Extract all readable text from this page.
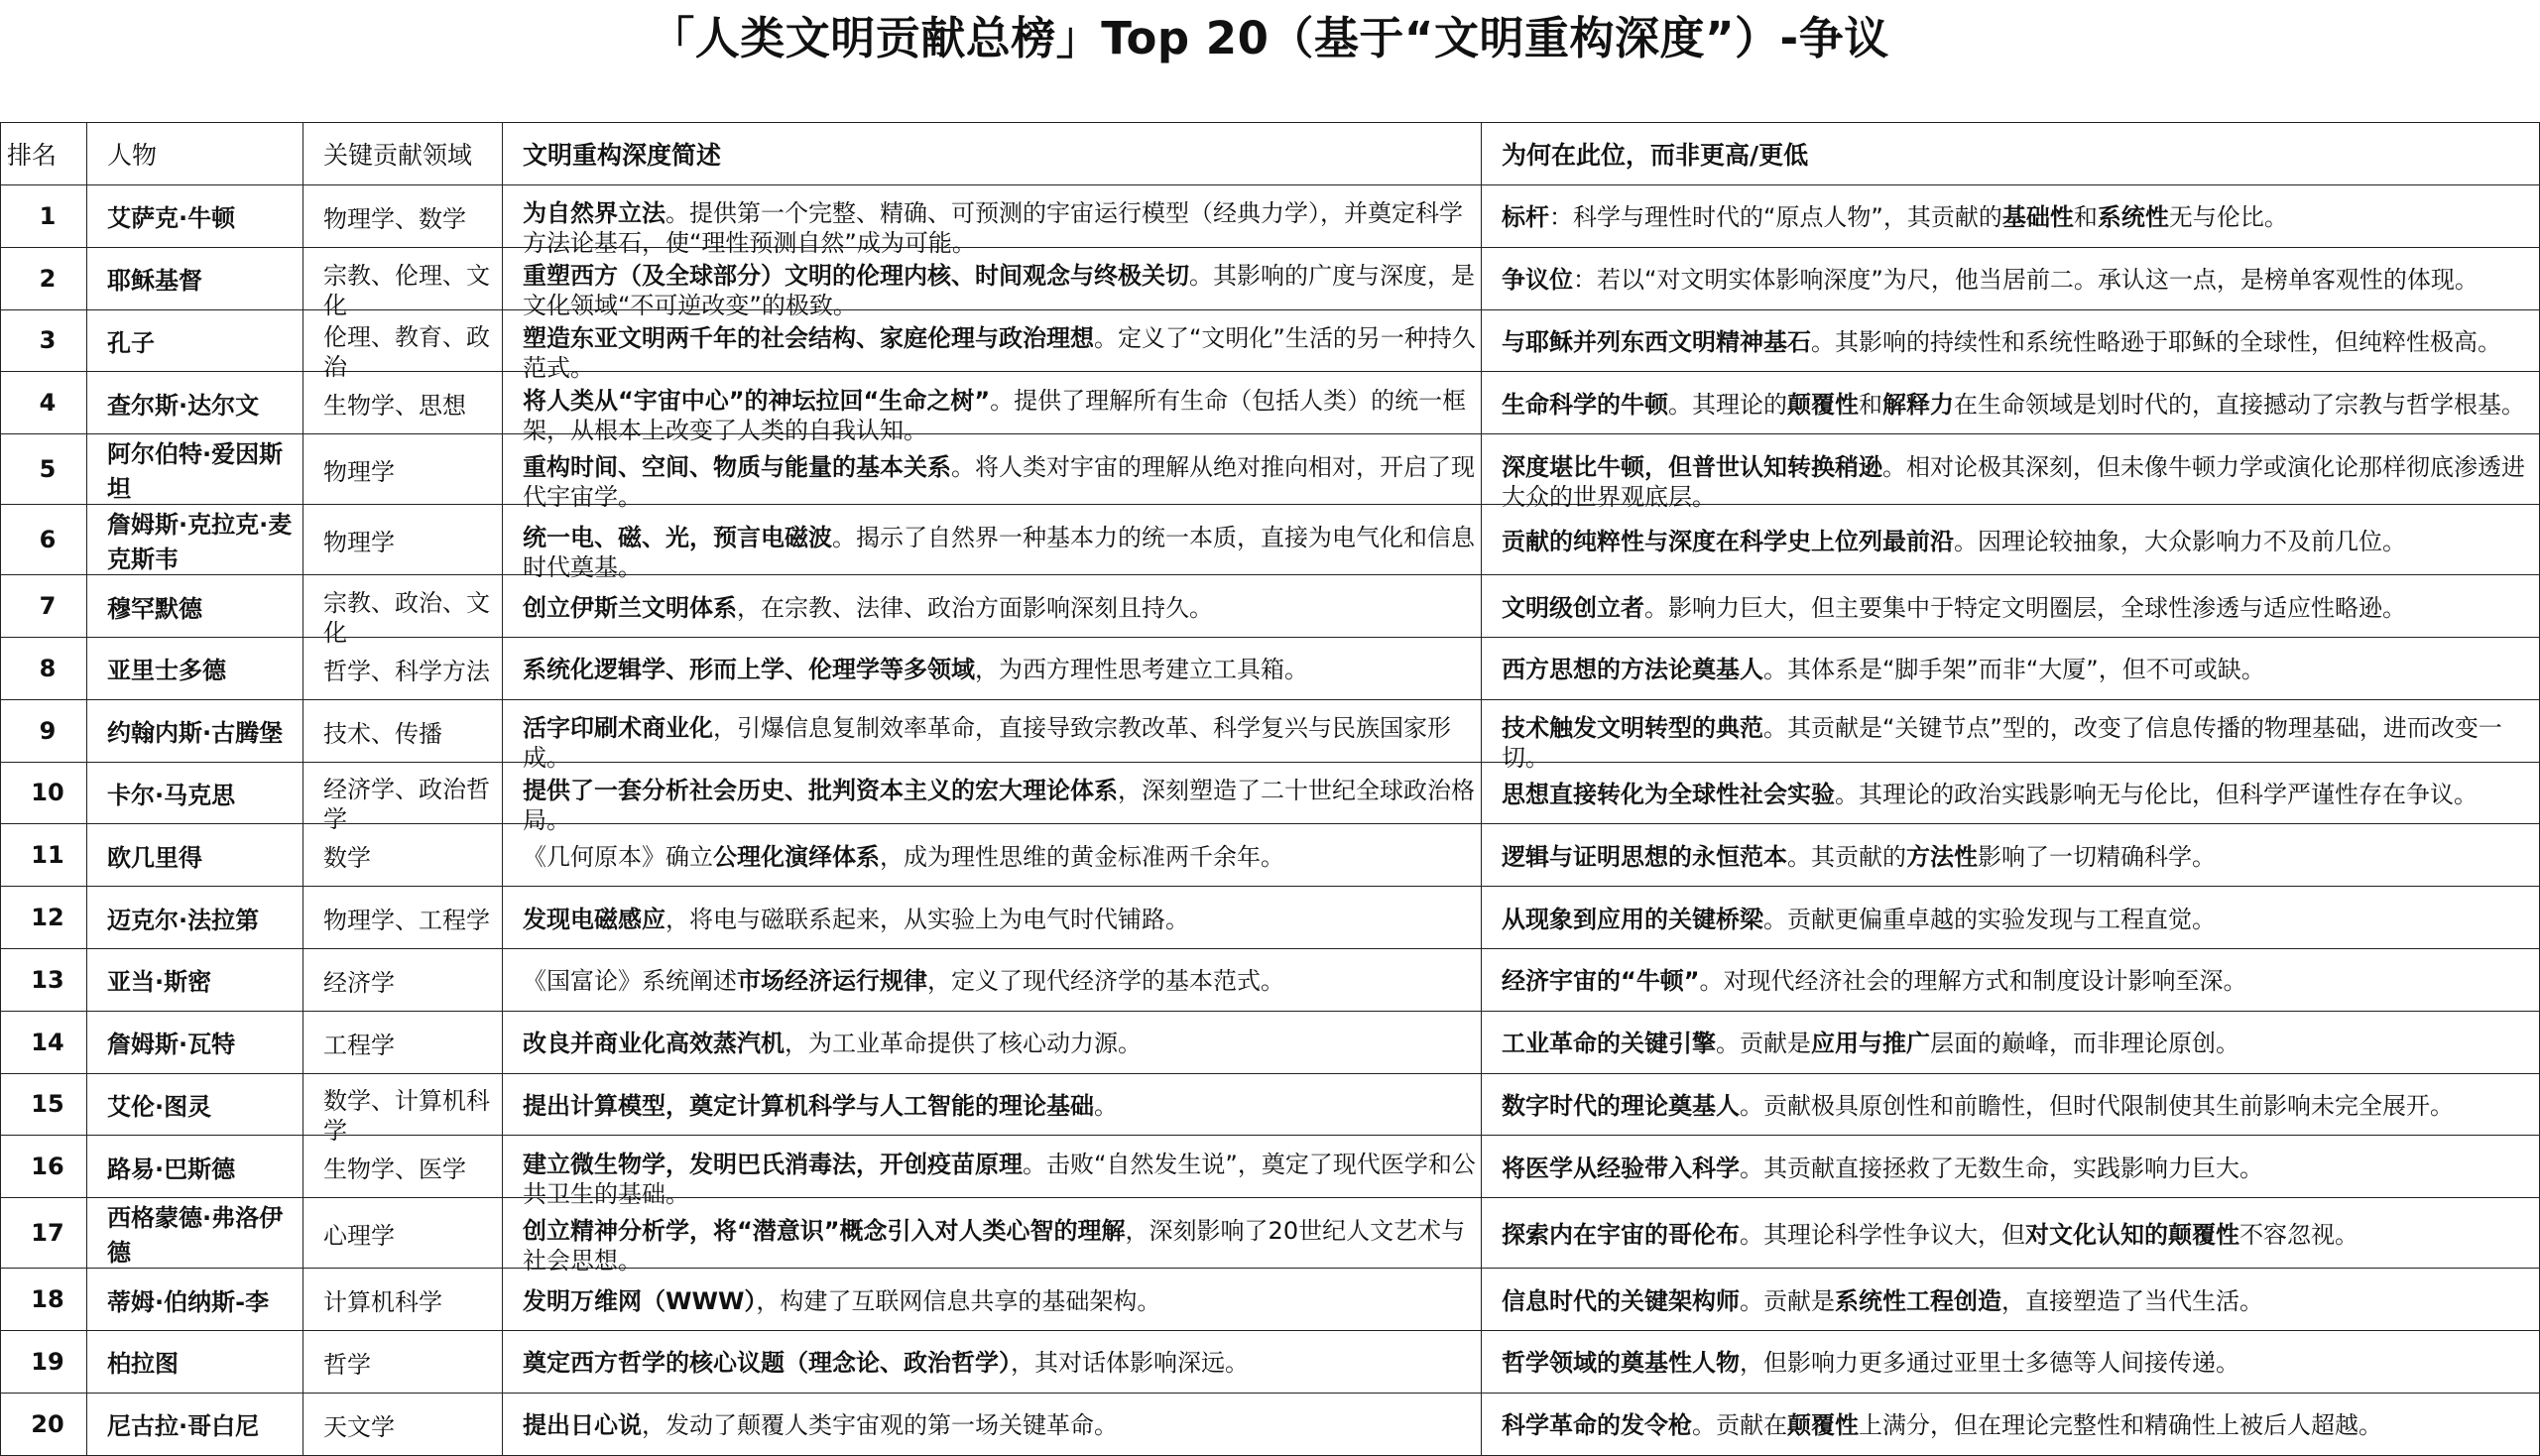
「人类文明贡献总榜」Top 20（基于“文明重构深度”）-争议
排名	人物	关键贡献领域	文明重构深度简述	为何在此位，而非更高/更低
1	艾萨克·牛顿	物理学、数学	为自然界立法。提供第一个完整、精确、可预测的宇宙运行模型（经典力学），并奠定科学方法论基石，使“理性预测自然”成为可能。	标杆：科学与理性时代的“原点人物”，其贡献的基础性和系统性无与伦比。

2	耶稣基督	宗教、伦理、文化	重塑西方（及全球部分）文明的伦理内核、时间观念与终极关切。其影响的广度与深度，是文化领域“不可逆改变”的极致。	争议位：若以“对文明实体影响深度”为尺，他当居前二。承认这一点，是榜单客观性的体现。

3	孔子	伦理、教育、政治	塑造东亚文明两千年的社会结构、家庭伦理与政治理想。定义了“文明化”生活的另一种持久范式。	与耶稣并列东西文明精神基石。其影响的持续性和系统性略逊于耶稣的全球性，但纯粹性极高。

4	查尔斯·达尔文	生物学、思想	将人类从“宇宙中心”的神坛拉回“生命之树”。提供了理解所有生命（包括人类）的统一框架，从根本上改变了人类的自我认知。	生命科学的牛顿。其理论的颠覆性和解释力在生命领域是划时代的，直接撼动了宗教与哲学根基。

5	阿尔伯特·爱因斯坦	物理学	重构时间、空间、物质与能量的基本关系。将人类对宇宙的理解从绝对推向相对，开启了现代宇宙学。	深度堪比牛顿，但普世认知转换稍逊。相对论极其深刻，但未像牛顿力学或演化论那样彻底渗透进大众的世界观底层。

6	詹姆斯·克拉克·麦克斯韦	物理学	统一电、磁、光，预言电磁波。揭示了自然界一种基本力的统一本质，直接为电气化和信息时代奠基。	贡献的纯粹性与深度在科学史上位列最前沿。因理论较抽象，大众影响力不及前几位。

7	穆罕默德	宗教、政治、文化	创立伊斯兰文明体系，在宗教、法律、政治方面影响深刻且持久。	文明级创立者。影响力巨大，但主要集中于特定文明圈层，全球性渗透与适应性略逊。

8	亚里士多德	哲学、科学方法	系统化逻辑学、形而上学、伦理学等多领域，为西方理性思考建立工具箱。	西方思想的方法论奠基人。其体系是“脚手架”而非“大厦”，但不可或缺。

9	约翰内斯·古腾堡	技术、传播	活字印刷术商业化，引爆信息复制效率革命，直接导致宗教改革、科学复兴与民族国家形成。	技术触发文明转型的典范。其贡献是“关键节点”型的，改变了信息传播的物理基础，进而改变一切。

10	卡尔·马克思	经济学、政治哲学	提供了一套分析社会历史、批判资本主义的宏大理论体系，深刻塑造了二十世纪全球政治格局。	思想直接转化为全球性社会实验。其理论的政治实践影响无与伦比，但科学严谨性存在争议。

11	欧几里得	数学	《几何原本》确立公理化演绎体系，成为理性思维的黄金标准两千余年。	逻辑与证明思想的永恒范本。其贡献的方法性影响了一切精确科学。

12	迈克尔·法拉第	物理学、工程学	发现电磁感应，将电与磁联系起来，从实验上为电气时代铺路。	从现象到应用的关键桥梁。贡献更偏重卓越的实验发现与工程直觉。

13	亚当·斯密	经济学	《国富论》系统阐述市场经济运行规律，定义了现代经济学的基本范式。	经济宇宙的“牛顿”。对现代经济社会的理解方式和制度设计影响至深。

14	詹姆斯·瓦特	工程学	改良并商业化高效蒸汽机，为工业革命提供了核心动力源。	工业革命的关键引擎。贡献是应用与推广层面的巅峰，而非理论原创。

15	艾伦·图灵	数学、计算机科学	提出计算模型，奠定计算机科学与人工智能的理论基础。	数字时代的理论奠基人。贡献极具原创性和前瞻性，但时代限制使其生前影响未完全展开。

16	路易·巴斯德	生物学、医学	建立微生物学，发明巴氏消毒法，开创疫苗原理。击败“自然发生说”，奠定了现代医学和公共卫生的基础。	将医学从经验带入科学。其贡献直接拯救了无数生命，实践影响力巨大。

17	西格蒙德·弗洛伊德	心理学	创立精神分析学，将“潜意识”概念引入对人类心智的理解，深刻影响了20世纪人文艺术与社会思想。	探索内在宇宙的哥伦布。其理论科学性争议大，但对文化认知的颠覆性不容忽视。

18	蒂姆·伯纳斯-李	计算机科学	发明万维网（WWW），构建了互联网信息共享的基础架构。	信息时代的关键架构师。贡献是系统性工程创造，直接塑造了当代生活。

19	柏拉图	哲学	奠定西方哲学的核心议题（理念论、政治哲学），其对话体影响深远。	哲学领域的奠基性人物，但影响力更多通过亚里士多德等人间接传递。

20	尼古拉·哥白尼	天文学	提出日心说，发动了颠覆人类宇宙观的第一场关键革命。	科学革命的发令枪。贡献在颠覆性上满分，但在理论完整性和精确性上被后人超越。
